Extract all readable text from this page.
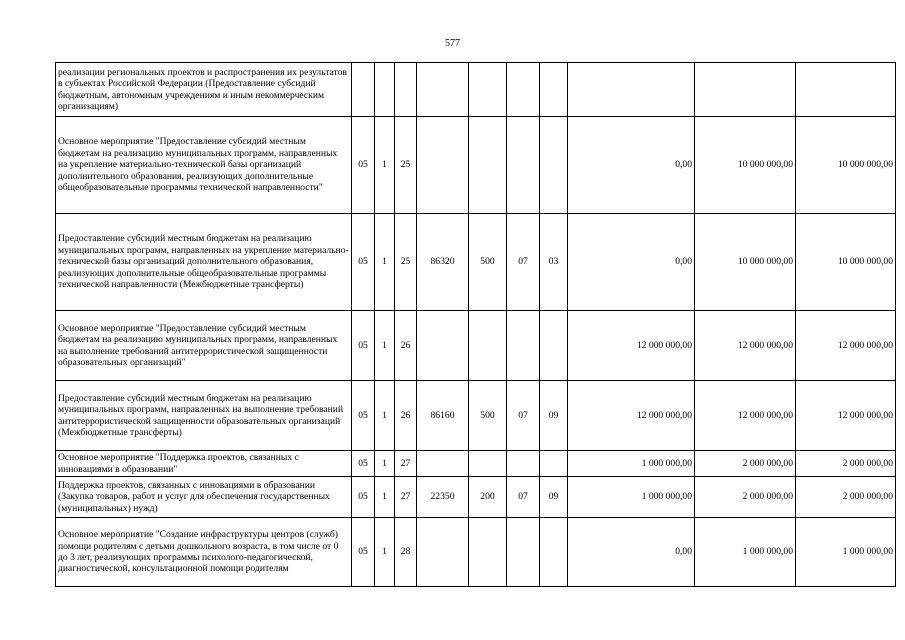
577
реализации региональных проектов и распространения их результатов в субъектах Российской Федерации (Предоставление субсидий бюджетным, автономным учреждениям и иным некоммерческим организациям)										
Основное мероприятие "Предоставление субсидий местным бюджетам на реализацию муниципальных программ, направленных на укрепление материально-технической базы организаций дополнительного образования, реализующих дополнительные общеобразовательные программы технической направленности"	05	1	25					0,00	10 000 000,00	10 000 000,00
Предоставление субсидий местным бюджетам на реализацию муниципальных программ, направленных на укрепление материально-технической базы организаций дополнительного образования, реализующих дополнительные общеобразовательные программы технической направленности (Межбюджетные трансферты)	05	1	25	86320	500	07	03	0,00	10 000 000,00	10 000 000,00
Основное мероприятие "Предоставление субсидий местным бюджетам на реализацию муниципальных программ, направленных на выполнение требований антитеррористической защищенности образовательных организаций"	05	1	26					12 000 000,00	12 000 000,00	12 000 000,00
Предоставление субсидий местным бюджетам на реализацию муниципальных программ, направленных на выполнение требований антитеррористической защищенности образовательных организаций (Межбюджетные трансферты)	05	1	26	86160	500	07	09	12 000 000,00	12 000 000,00	12 000 000,00
Основное мероприятие "Поддержка проектов, связанных с инновациями в образовании"	05	1	27					1 000 000,00	2 000 000,00	2 000 000,00
Поддержка проектов, связанных с инновациями в образовании (Закупка товаров, работ и услуг для обеспечения государственных (муниципальных) нужд)	05	1	27	22350	200	07	09	1 000 000,00	2 000 000,00	2 000 000,00
Основное мероприятие "Создание инфраструктуры центров (служб) помощи родителям с детьми дошкольного возраста, в том числе от 0 до 3 лет, реализующих программы психолого-педагогической, диагностической, консультационной помощи родителям	05	1	28					0,00	1 000 000,00	1 000 000,00
